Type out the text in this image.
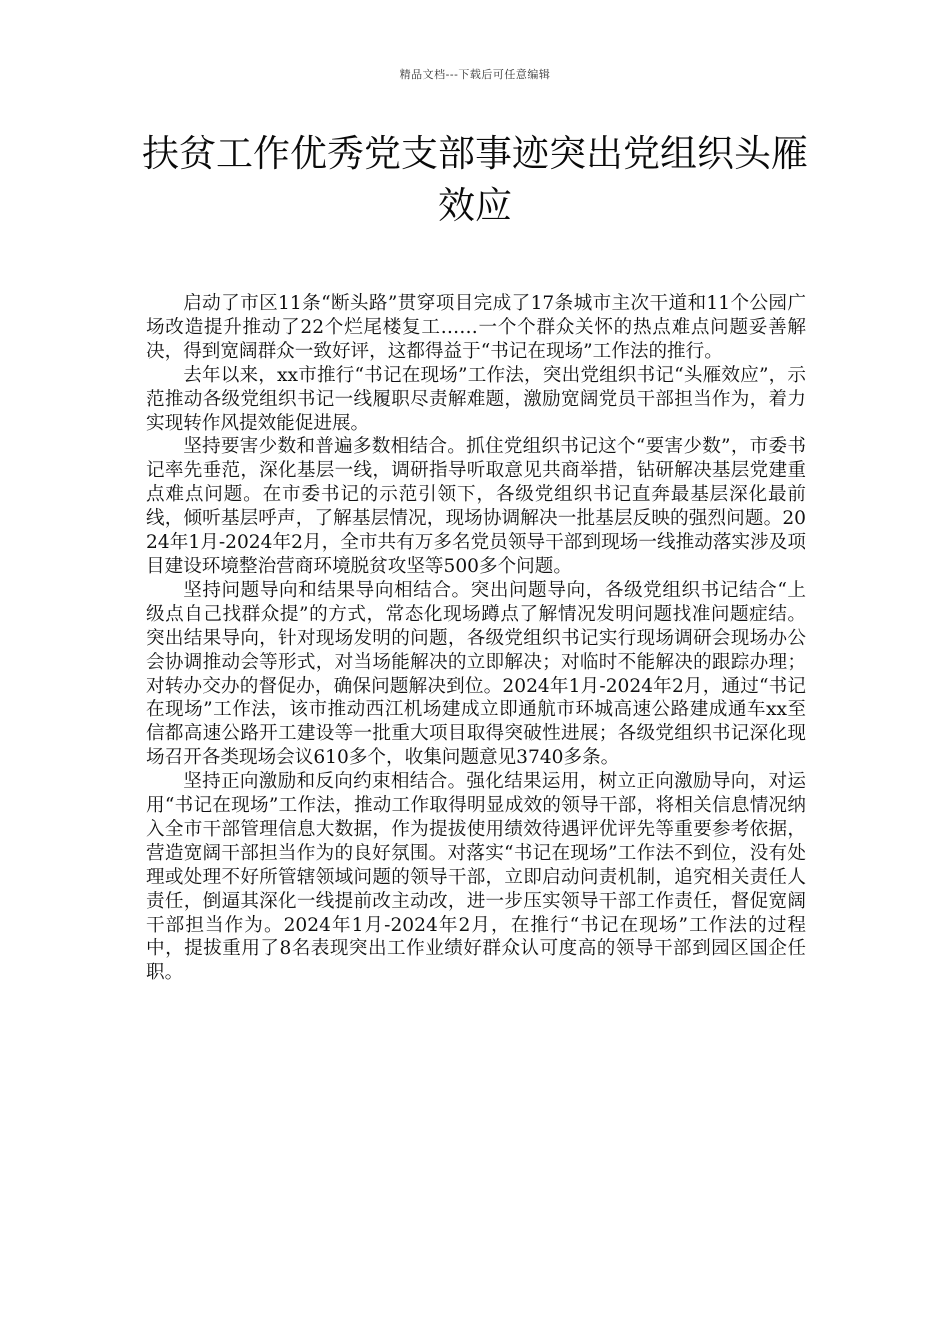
精品文档---下载后可任意编辑
扶贫工作优秀党支部事迹突出党组织头雁效应

启动了市区11条“断头路”贯穿项目完成了17条城市主次干道和11个公园广场改造提升推动了22个烂尾楼复工……一个个群众关怀的热点难点问题妥善解决，得到宽阔群众一致好评，这都得益于“书记在现场”工作法的推行。

去年以来，xx市推行“书记在现场”工作法，突出党组织书记“头雁效应”，示范推动各级党组织书记一线履职尽责解难题，激励宽阔党员干部担当作为，着力实现转作风提效能促进展。

坚持要害少数和普遍多数相结合。抓住党组织书记这个“要害少数”，市委书记率先垂范，深化基层一线，调研指导听取意见共商举措，钻研解决基层党建重点难点问题。在市委书记的示范引领下，各级党组织书记直奔最基层深化最前线，倾听基层呼声，了解基层情况，现场协调解决一批基层反映的强烈问题。2024年1月-2024年2月，全市共有万多名党员领导干部到现场一线推动落实涉及项目建设环境整治营商环境脱贫攻坚等500多个问题。

坚持问题导向和结果导向相结合。突出问题导向，各级党组织书记结合“上级点自己找群众提”的方式，常态化现场蹲点了解情况发明问题找准问题症结。突出结果导向，针对现场发明的问题，各级党组织书记实行现场调研会现场办公会协调推动会等形式，对当场能解决的立即解决；对临时不能解决的跟踪办理；对转办交办的督促办，确保问题解决到位。2024年1月-2024年2月，通过“书记在现场”工作法，该市推动西江机场建成立即通航市环城高速公路建成通车xx至信都高速公路开工建设等一批重大项目取得突破性进展；各级党组织书记深化现场召开各类现场会议610多个，收集问题意见3740多条。

坚持正向激励和反向约束相结合。强化结果运用，树立正向激励导向，对运用“书记在现场”工作法，推动工作取得明显成效的领导干部，将相关信息情况纳入全市干部管理信息大数据，作为提拔使用绩效待遇评优评先等重要参考依据，营造宽阔干部担当作为的良好氛围。对落实“书记在现场”工作法不到位，没有处理或处理不好所管辖领域问题的领导干部，立即启动问责机制，追究相关责任人责任，倒逼其深化一线提前改主动改，进一步压实领导干部工作责任，督促宽阔干部担当作为。2024年1月-2024年2月，在推行“书记在现场”工作法的过程中，提拔重用了8名表现突出工作业绩好群众认可度高的领导干部到园区国企任职。
